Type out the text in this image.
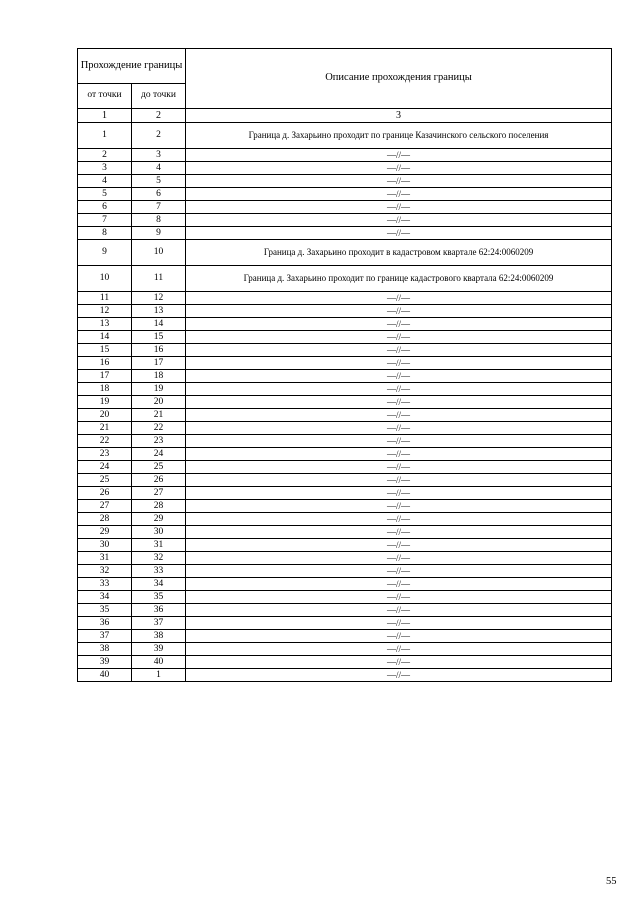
Прохождение границы		Описание прохождения границы
от точки	до точки	
1	2	3
1	2	Граница д. Захарьино проходит по границе Казачинского сельского поселения
2	3	—//—
3	4	—//—
4	5	—//—
5	6	—//—
6	7	—//—
7	8	—//—
8	9	—//—
9	10	Граница д. Захарьино проходит в кадастровом квартале 62:24:0060209
10	11	Граница д. Захарьино проходит по границе кадастрового квартала 62:24:0060209
11	12	—//—
12	13	—//—
13	14	—//—
14	15	—//—
15	16	—//—
16	17	—//—
17	18	—//—
18	19	—//—
19	20	—//—
20	21	—//—
21	22	—//—
22	23	—//—
23	24	—//—
24	25	—//—
25	26	—//—
26	27	—//—
27	28	—//—
28	29	—//—
29	30	—//—
30	31	—//—
31	32	—//—
32	33	—//—
33	34	—//—
34	35	—//—
35	36	—//—
36	37	—//—
37	38	—//—
38	39	—//—
39	40	—//—
40	1	—//—
55
